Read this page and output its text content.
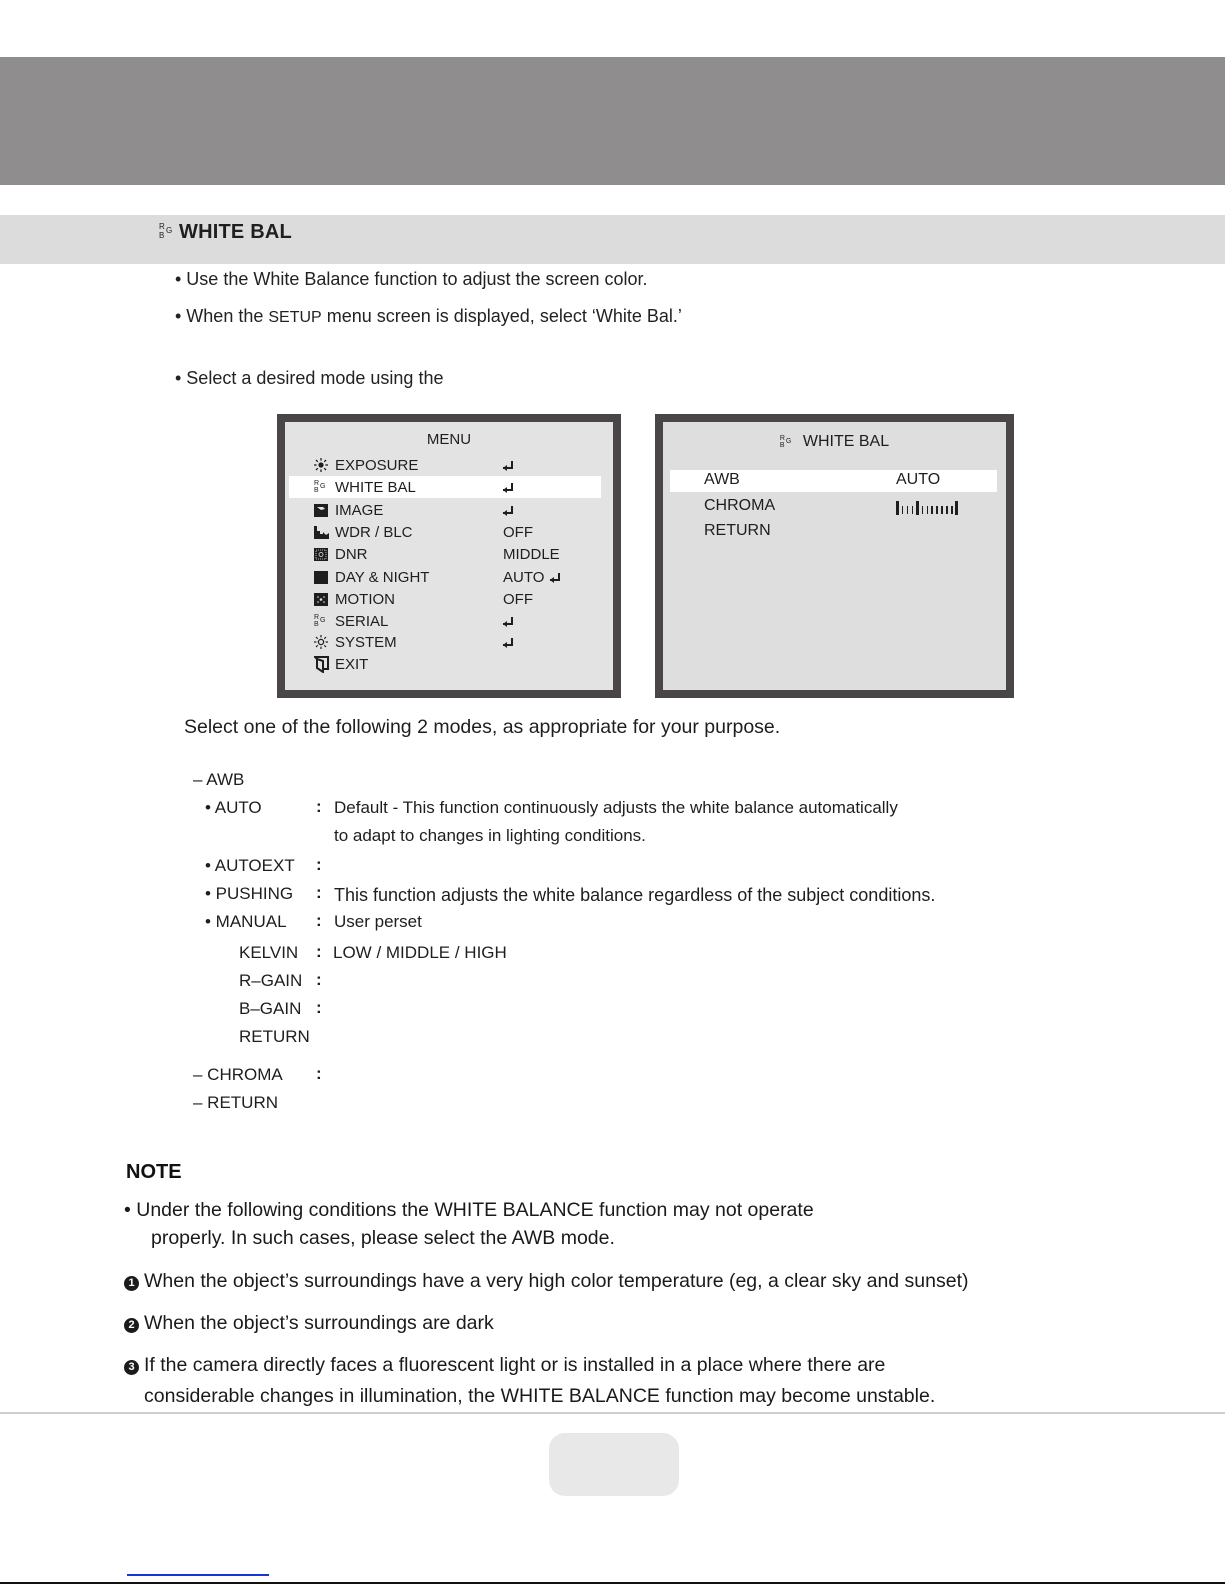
R G
B WHITE BAL
• Use the White Balance function to adjust the screen color.
• When the SETUP menu screen is displayed, select ‘White Bal.’
• Select a desired mode using the
MENU
EXPOSURE
R G
B WHITE BAL
IMAGE
WDR / BLC	OFF
DNR	MIDDLE
DAY & NIGHT	AUTO
MOTION	OFF
R G
B SERIAL
SYSTEM
EXIT
R G
B WHITE BAL
AWB	AUTO
CHROMA
RETURN
Select one of the following 2 modes, as appropriate for your purpose.
– AWB
• AUTO	: Default - This function continuously adjusts the white balance automatically
to adapt to changes in lighting conditions.
• AUTOEXT :
• PUSHING : This function adjusts the white balance regardless of the subject conditions.
• MANUAL : User perset
KELVIN : LOW / MIDDLE / HIGH
R–GAIN :
B–GAIN :
RETURN
– CHROMA :
– RETURN
NOTE
• Under the following conditions the WHITE BALANCE function may not operate
properly. In such cases, please select the AWB mode.
1 When the object’s surroundings have a very high color temperature (eg, a clear sky and sunset)
2 When the object’s surroundings are dark
3 If the camera directly faces a fluorescent light or is installed in a place where there are
considerable changes in illumination, the WHITE BALANCE function may become unstable.
